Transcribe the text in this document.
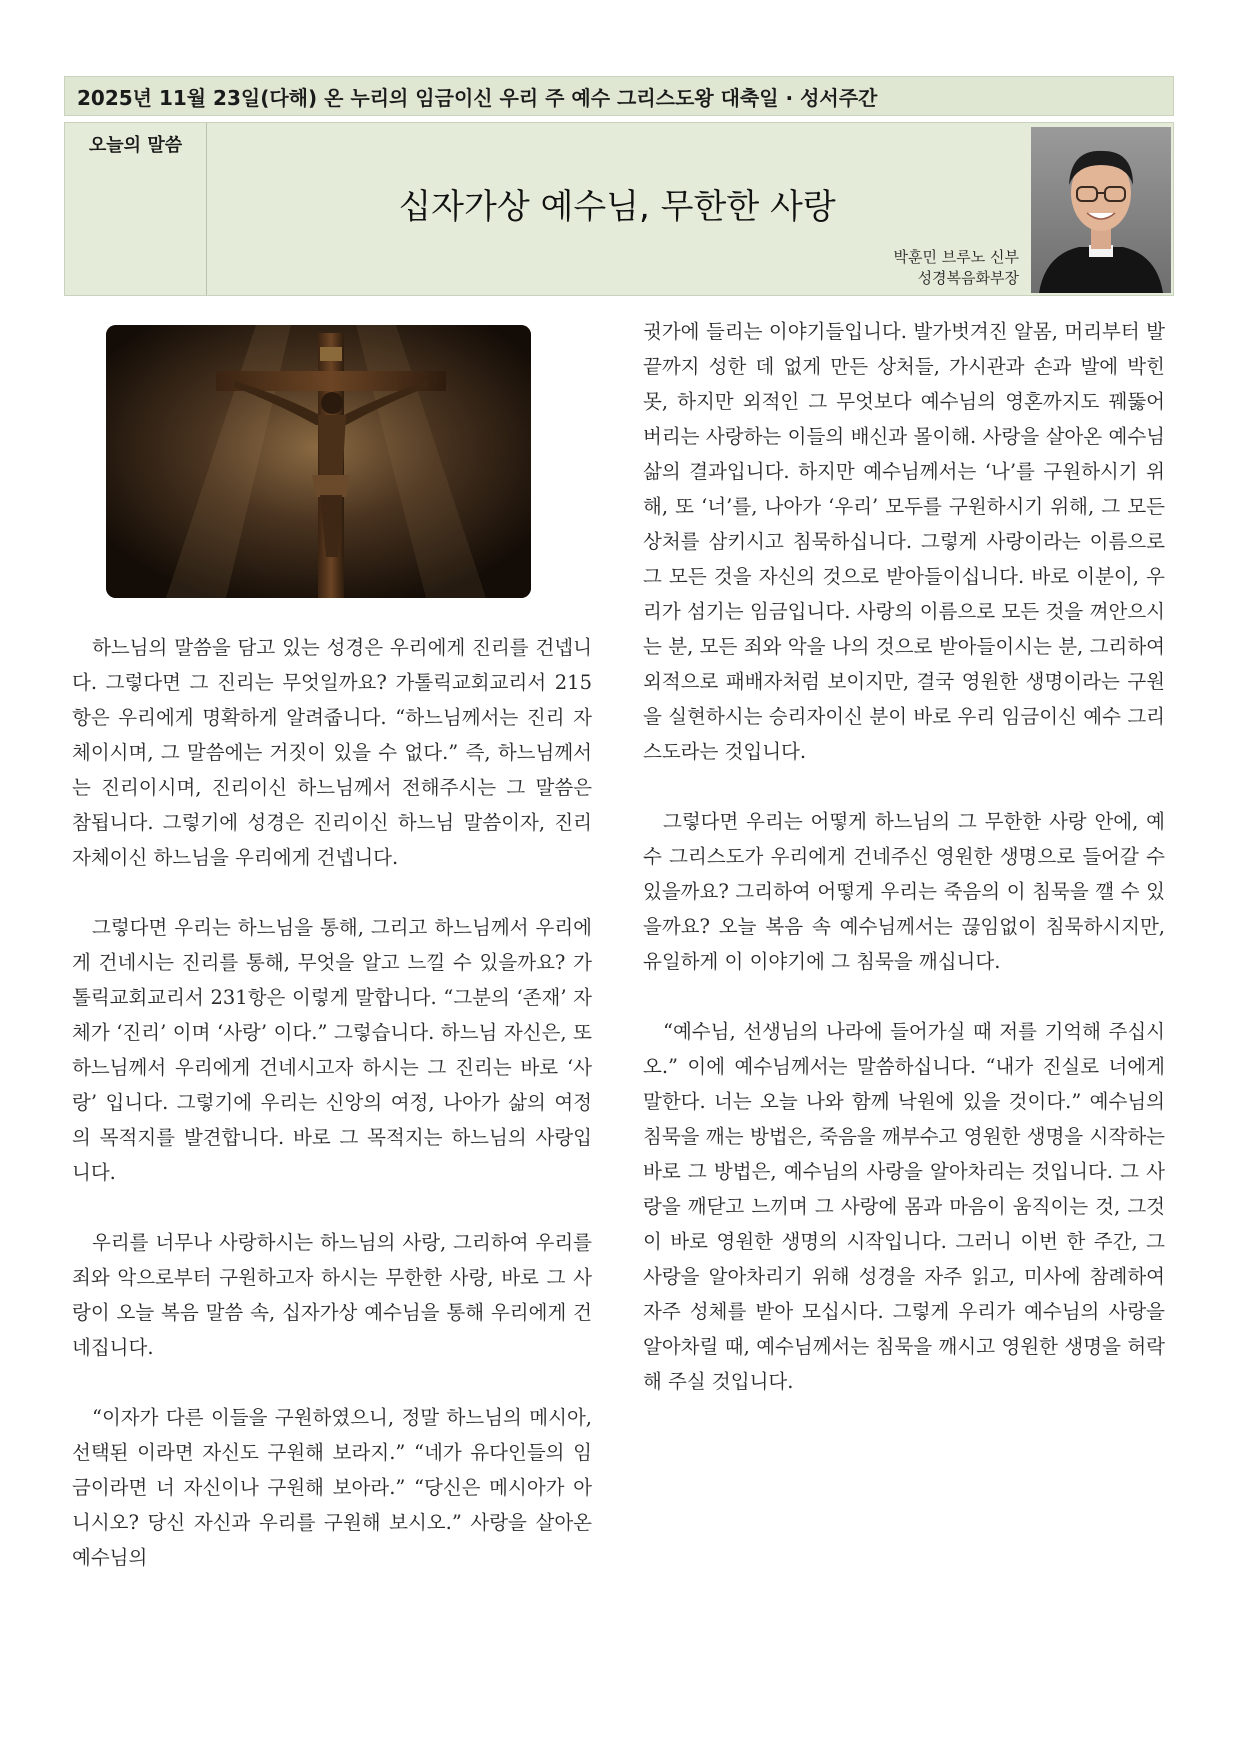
2025년 11월 23일(다해) 온 누리의 임금이신 우리 주 예수 그리스도왕 대축일 · 성서주간
오늘의 말씀
십자가상 예수님, 무한한 사랑
박훈민 브루노 신부
성경복음화부장

하느님의 말씀을 담고 있는 성경은 우리에게 진리를 건넵니다. 그렇다면 그 진리는 무엇일까요? 가톨릭교회교리서 215항은 우리에게 명확하게 알려줍니다. “하느님께서는 진리 자체이시며, 그 말씀에는 거짓이 있을 수 없다.” 즉, 하느님께서는 진리이시며, 진리이신 하느님께서 전해주시는 그 말씀은 참됩니다. 그렇기에 성경은 진리이신 하느님 말씀이자, 진리 자체이신 하느님을 우리에게 건넵니다.

그렇다면 우리는 하느님을 통해, 그리고 하느님께서 우리에게 건네시는 진리를 통해, 무엇을 알고 느낄 수 있을까요? 가톨릭교회교리서 231항은 이렇게 말합니다. “그분의 ‘존재’ 자체가 ‘진리’ 이며 ‘사랑’ 이다.” 그렇습니다. 하느님 자신은, 또 하느님께서 우리에게 건네시고자 하시는 그 진리는 바로 ‘사랑’ 입니다. 그렇기에 우리는 신앙의 여정, 나아가 삶의 여정의 목적지를 발견합니다. 바로 그 목적지는 하느님의 사랑입니다.

우리를 너무나 사랑하시는 하느님의 사랑, 그리하여 우리를 죄와 악으로부터 구원하고자 하시는 무한한 사랑, 바로 그 사랑이 오늘 복음 말씀 속, 십자가상 예수님을 통해 우리에게 건네집니다.

“이자가 다른 이들을 구원하였으니, 정말 하느님의 메시아, 선택된 이라면 자신도 구원해 보라지.” “네가 유다인들의 임금이라면 너 자신이나 구원해 보아라.” “당신은 메시아가 아니시오? 당신 자신과 우리를 구원해 보시오.” 사랑을 살아온 예수님의

귓가에 들리는 이야기들입니다. 발가벗겨진 알몸, 머리부터 발끝까지 성한 데 없게 만든 상처들, 가시관과 손과 발에 박힌 못, 하지만 외적인 그 무엇보다 예수님의 영혼까지도 꿰뚫어 버리는 사랑하는 이들의 배신과 몰이해. 사랑을 살아온 예수님 삶의 결과입니다. 하지만 예수님께서는 ‘나’를 구원하시기 위해, 또 ‘너’를, 나아가 ‘우리’ 모두를 구원하시기 위해, 그 모든 상처를 삼키시고 침묵하십니다. 그렇게 사랑이라는 이름으로 그 모든 것을 자신의 것으로 받아들이십니다. 바로 이분이, 우리가 섬기는 임금입니다. 사랑의 이름으로 모든 것을 껴안으시는 분, 모든 죄와 악을 나의 것으로 받아들이시는 분, 그리하여 외적으로 패배자처럼 보이지만, 결국 영원한 생명이라는 구원을 실현하시는 승리자이신 분이 바로 우리 임금이신 예수 그리스도라는 것입니다.

그렇다면 우리는 어떻게 하느님의 그 무한한 사랑 안에, 예수 그리스도가 우리에게 건네주신 영원한 생명으로 들어갈 수 있을까요? 그리하여 어떻게 우리는 죽음의 이 침묵을 깰 수 있을까요? 오늘 복음 속 예수님께서는 끊임없이 침묵하시지만, 유일하게 이 이야기에 그 침묵을 깨십니다.

“예수님, 선생님의 나라에 들어가실 때 저를 기억해 주십시오.” 이에 예수님께서는 말씀하십니다. “내가 진실로 너에게 말한다. 너는 오늘 나와 함께 낙원에 있을 것이다.” 예수님의 침묵을 깨는 방법은, 죽음을 깨부수고 영원한 생명을 시작하는 바로 그 방법은, 예수님의 사랑을 알아차리는 것입니다. 그 사랑을 깨닫고 느끼며 그 사랑에 몸과 마음이 움직이는 것, 그것이 바로 영원한 생명의 시작입니다. 그러니 이번 한 주간, 그 사랑을 알아차리기 위해 성경을 자주 읽고, 미사에 참례하여 자주 성체를 받아 모십시다. 그렇게 우리가 예수님의 사랑을 알아차릴 때, 예수님께서는 침묵을 깨시고 영원한 생명을 허락해 주실 것입니다.
